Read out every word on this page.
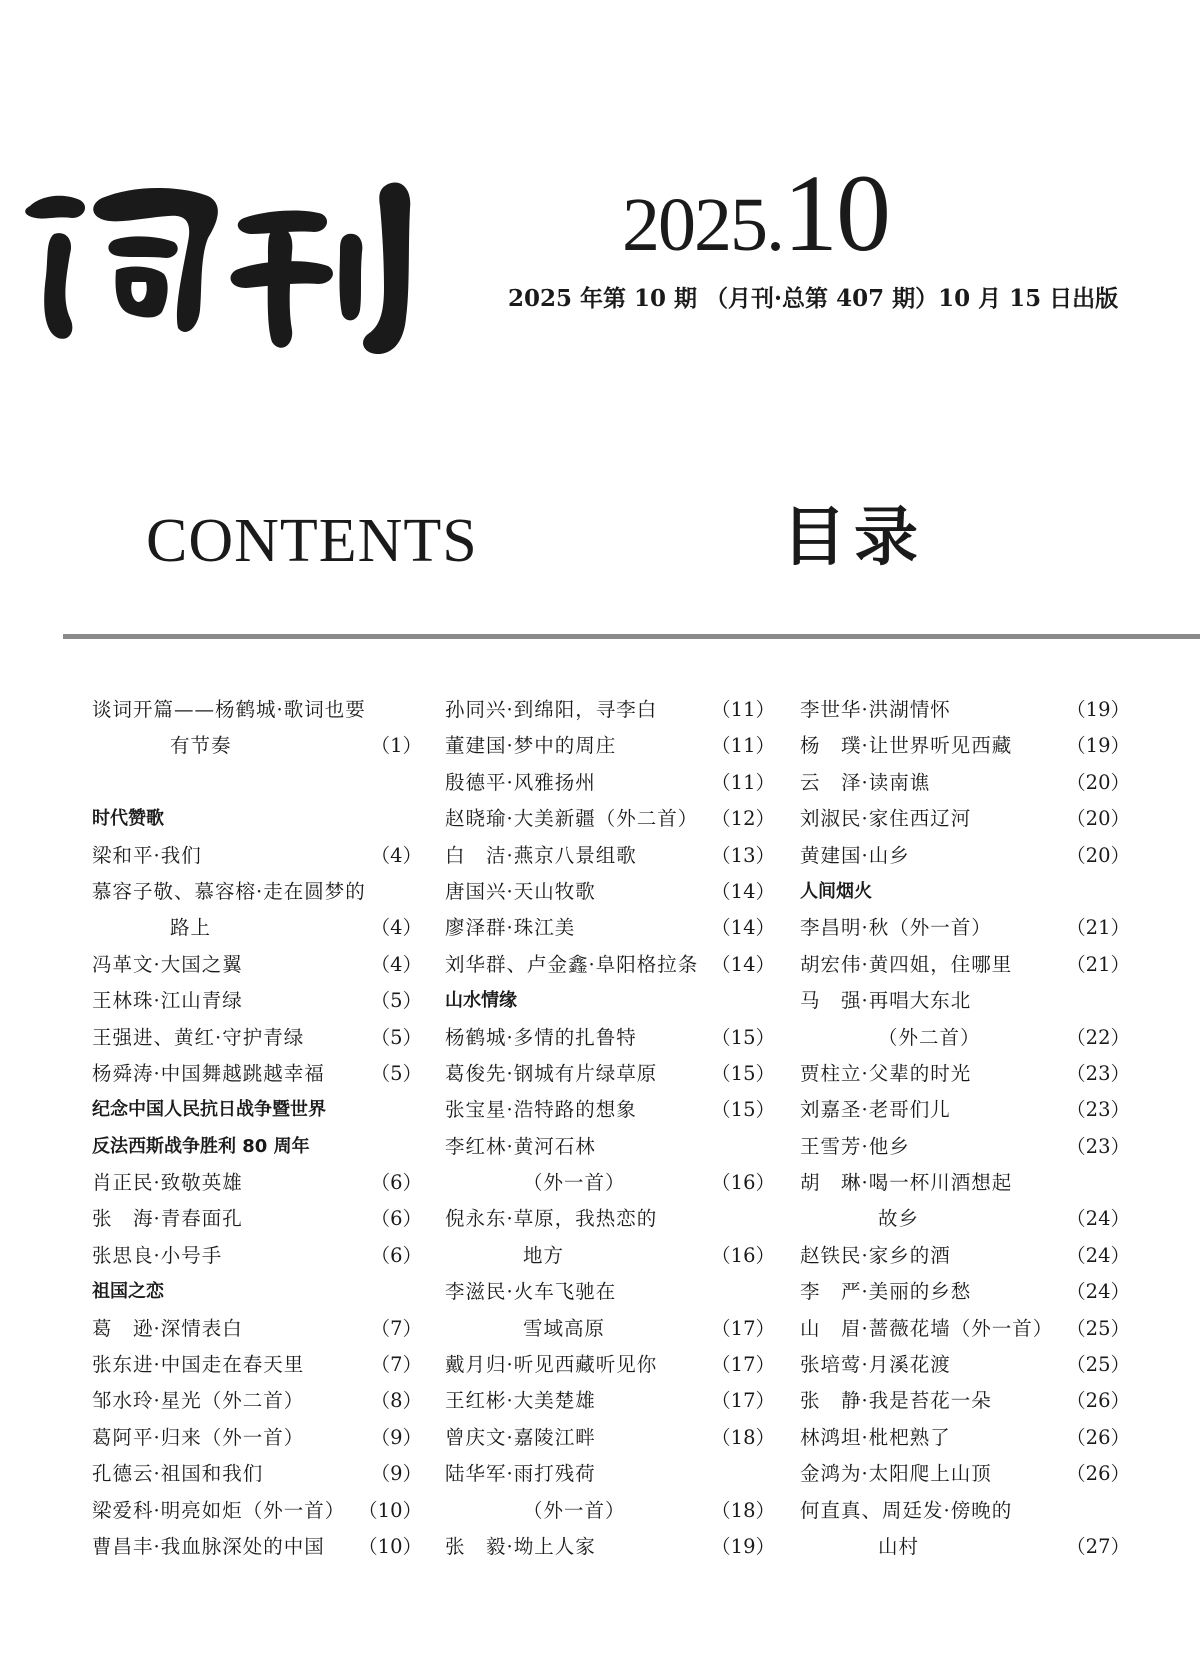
2025.10
2025 年第 10 期 （月刊·总第 407 期）10 月 15 日出版
CONTENTS	目录
谈词开篇——杨鹤城·歌词也要
有节奏	（1）
时代赞歌
梁和平·我们	（4）
慕容子敬、慕容榕·走在圆梦的
路上	（4）
冯革文·大国之翼	（4）
王林珠·江山青绿	（5）
王强进、黄红·守护青绿	（5）
杨舜涛·中国舞越跳越幸福 （5）
纪念中国人民抗日战争暨世界
反法西斯战争胜利 80 周年
肖正民·致敬英雄	（6）
张　海·青春面孔	（6）
张思良·小号手	（6）
祖国之恋
葛　逊·深情表白	（7）
张东进·中国走在春天里	（7）
邹水玲·星光（外二首）	（8）
葛阿平·归来（外一首）	（9）
孔德云·祖国和我们	（9）
梁爱科·明亮如炬（外一首） （10）
曹昌丰·我血脉深处的中国 （10）
孙同兴·到绵阳，寻李白	（11）
董建国·梦中的周庄	（11）
殷德平·风雅扬州	（11）
赵晓瑜·大美新疆（外二首） （12）
白　洁·燕京八景组歌	（13）
唐国兴·天山牧歌	（14）
廖泽群·珠江美	（14）
刘华群、卢金鑫·阜阳格拉条 （14）
山水情缘
杨鹤城·多情的扎鲁特	（15）
葛俊先·钢城有片绿草原	（15）
张宝星·浩特路的想象	（15）
李红林·黄河石林
（外一首）	（16）
倪永东·草原，我热恋的
地方	（16）
李滋民·火车飞驰在
雪域高原	（17）
戴月归·听见西藏听见你	（17）
王红彬·大美楚雄	（17）
曾庆文·嘉陵江畔	（18）
陆华军·雨打残荷
（外一首）	（18）
张　毅·坳上人家	（19）
李世华·洪湖情怀	（19）
杨　璞·让世界听见西藏	（19）
云　泽·读南谯	（20）
刘淑民·家住西辽河	（20）
黄建国·山乡	（20）
人间烟火
李昌明·秋（外一首）	（21）
胡宏伟·黄四姐，住哪里	（21）
马　强·再唱大东北
（外二首）	（22）
贾柱立·父辈的时光	（23）
刘嘉圣·老哥们儿	（23）
王雪芳·他乡	（23）
胡　琳·喝一杯川酒想起
故乡	（24）
赵铁民·家乡的酒	（24）
李　严·美丽的乡愁	（24）
山　眉·蔷薇花墙（外一首） （25）
张培莺·月溪花渡	（25）
张　静·我是苔花一朵	（26）
林鸿坦·枇杷熟了	（26）
金鸿为·太阳爬上山顶	（26）
何直真、周廷发·傍晚的
山村	（27）
